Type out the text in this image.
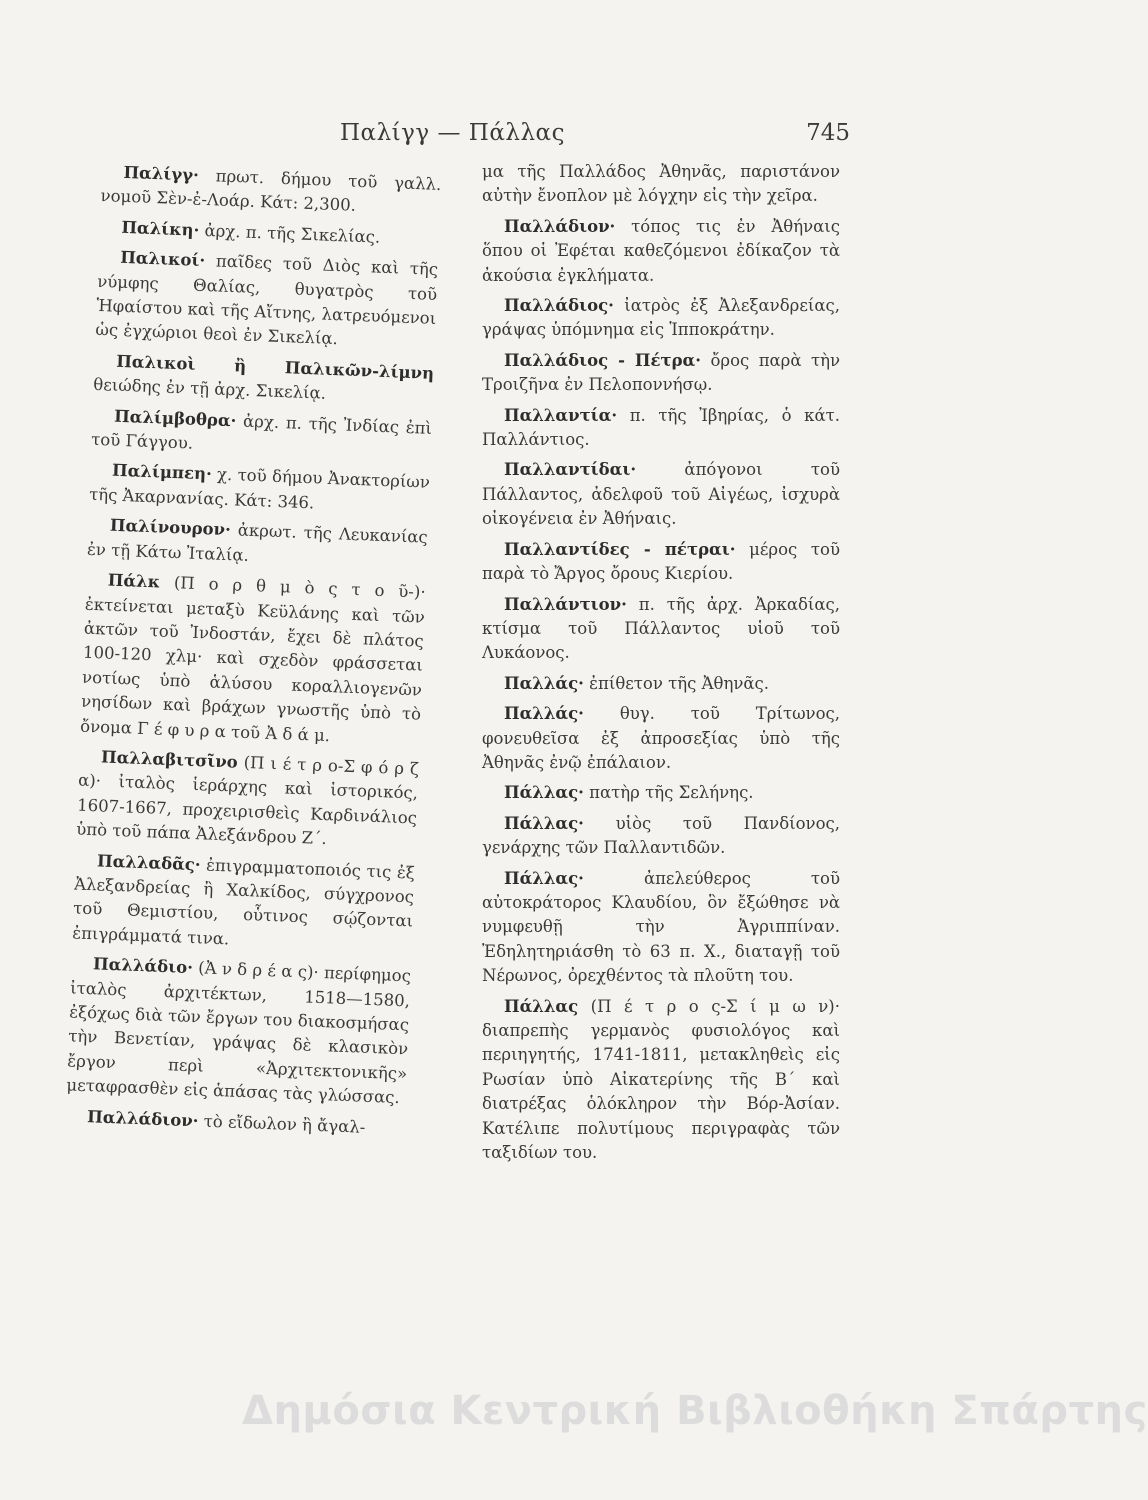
Παλίγγ — Πάλλας	745

Παλίγγ· πρωτ. δήμου τοῦ γαλλ. νομοῦ Σὲν-ἐ-Λοάρ. Κάτ: 2,300.

Παλίκη· ἀρχ. π. τῆς Σικελίας.

Παλικοί· παῖδες τοῦ Διὸς καὶ τῆς νύμφης Θαλίας, θυγατρὸς τοῦ Ἡφαίστου καὶ τῆς Αἴτνης, λατρευόμενοι ὡς ἐγχώριοι θεοὶ ἐν Σικελίᾳ.

Παλικοὶ ἢ Παλικῶν-λίμνη θειώδης ἐν τῇ ἀρχ. Σικελίᾳ.

Παλίμβοθρα· ἀρχ. π. τῆς Ἰνδίας ἐπὶ τοῦ Γάγγου.

Παλίμπεη· χ. τοῦ δήμου Ἀνακτορίων τῆς Ἀκαρνανίας. Κάτ: 346.

Παλίνουρον· ἀκρωτ. τῆς Λευκανίας ἐν τῇ Κάτω Ἰταλίᾳ.

Πάλκ (Π ο ρ θ μ ὸ ς τ ο ῦ-)· ἐκτείνεται μεταξὺ Κεϋλάνης καὶ τῶν ἀκτῶν τοῦ Ἰνδοστάν, ἔχει δὲ πλάτος 100-120 χλμ· καὶ σχεδὸν φράσσεται νοτίως ὑπὸ ἁλύσου κοραλλιογενῶν νησίδων καὶ βράχων γνωστῆς ὑπὸ τὸ ὄνομα Γ έ φ υ ρ α τοῦ Ἀ δ ά μ.

Παλλαβιτσῖνο (Π ι έ τ ρ ο-Σ φ ό ρ ζ α)· ἰταλὸς ἱεράρχης καὶ ἱστορικός, 1607-1667, προχειρισθεὶς Καρδινάλιος ὑπὸ τοῦ πάπα Ἀλεξάνδρου Ζ΄.

Παλλαδᾶς· ἐπιγραμματοποιός τις ἐξ Ἀλεξανδρείας ἢ Χαλκίδος, σύγχρονος τοῦ Θεμιστίου, οὗτινος σῴζονται ἐπιγράμματά τινα.

Παλλάδιο· (Ἀ ν δ ρ έ α ς)· περίφημος ἰταλὸς ἀρχιτέκτων, 1518—1580, ἐξόχως διὰ τῶν ἔργων του διακοσμήσας τὴν Βενετίαν, γράψας δὲ κλασικὸν ἔργον περὶ «Ἀρχιτεκτονικῆς» μεταφρασθὲν εἰς ἁπάσας τὰς γλώσσας.

Παλλάδιον· τὸ εἴδωλον ἢ ἄγαλ-

μα τῆς Παλλάδος Ἀθηνᾶς, παριστάνον αὐτὴν ἔνοπλον μὲ λόγχην εἰς τὴν χεῖρα.

Παλλάδιον· τόπος τις ἐν Ἀθήναις ὅπου οἱ Ἐφέται καθεζόμενοι ἐδίκαζον τὰ ἀκούσια ἐγκλήματα.

Παλλάδιος· ἰατρὸς ἐξ Ἀλεξανδρείας, γράψας ὑπόμνημα εἰς Ἱπποκράτην.

Παλλάδιος - Πέτρα· ὄρος παρὰ τὴν Τροιζῆνα ἐν Πελοποννήσῳ.

Παλλαντία· π. τῆς Ἰβηρίας, ὁ κάτ. Παλλάντιος.

Παλλαντίδαι· ἀπόγονοι τοῦ Πάλλαντος, ἀδελφοῦ τοῦ Αἰγέως, ἰσχυρὰ οἰκογένεια ἐν Ἀθήναις.

Παλλαντίδες - πέτραι· μέρος τοῦ παρὰ τὸ Ἄργος ὄρους Κιερίου.

Παλλάντιον· π. τῆς ἀρχ. Ἀρκαδίας, κτίσμα τοῦ Πάλλαντος υἱοῦ τοῦ Λυκάονος.

Παλλάς· ἐπίθετον τῆς Ἀθηνᾶς.

Παλλάς· θυγ. τοῦ Τρίτωνος, φονευθεῖσα ἐξ ἀπροσεξίας ὑπὸ τῆς Ἀθηνᾶς ἐνῷ ἐπάλαιον.

Πάλλας· πατὴρ τῆς Σελήνης.

Πάλλας· υἱὸς τοῦ Πανδίονος, γενάρχης τῶν Παλλαντιδῶν.

Πάλλας· ἀπελεύθερος τοῦ αὐτοκράτορος Κλαυδίου, ὃν ἔξώθησε νὰ νυμφευθῇ τὴν Ἀγριππίναν. Ἐδηλητηριάσθη τὸ 63 π. Χ., διαταγῇ τοῦ Νέρωνος, ὀρεχθέντος τὰ πλοῦτη του.

Πάλλας (Π έ τ ρ ο ς-Σ ί μ ω ν)· διαπρεπὴς γερμανὸς φυσιολόγος καὶ περιηγητής, 1741-1811, μετακληθεὶς εἰς Ρωσίαν ὑπὸ Αἰκατερίνης τῆς Β΄ καὶ διατρέξας ὁλόκληρον τὴν Βόρ-Ἀσίαν. Κατέλιπε πολυτίμους περιγραφὰς τῶν ταξιδίων του.

Δημόσια Κεντρική Βιβλιοθήκη Σπάρτης
